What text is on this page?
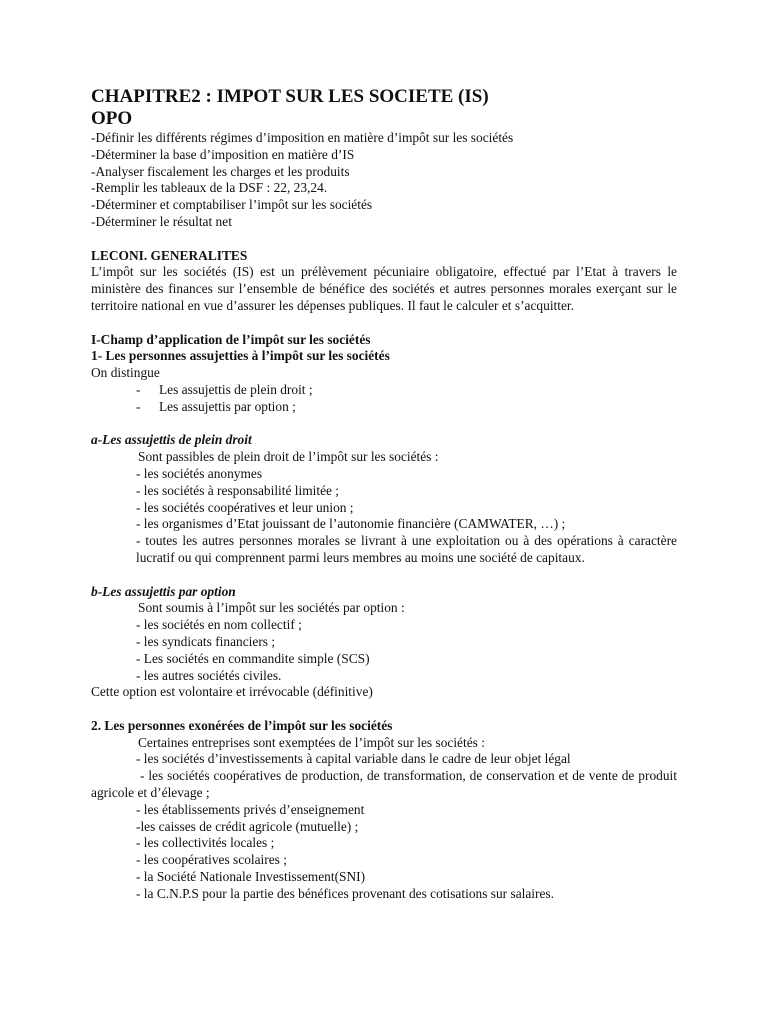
CHAPITRE2 : IMPOT SUR LES SOCIETE (IS)
OPO
-Définir les différents régimes d’imposition en matière d’impôt sur les sociétés
-Déterminer la base d’imposition en matière d’IS
-Analyser fiscalement les charges et les produits
-Remplir les tableaux de la DSF : 22, 23,24.
-Déterminer et comptabiliser l’impôt sur les sociétés
-Déterminer le résultat net
LECONI. GENERALITES
L’impôt sur les sociétés (IS) est un prélèvement pécuniaire obligatoire, effectué par l’Etat à travers le ministère des finances sur l’ensemble de bénéfice des sociétés et autres personnes morales exerçant sur le territoire national en vue d’assurer les dépenses publiques. Il faut le calculer et s’acquitter.
I-Champ d’application de l’impôt sur les sociétés
1- Les personnes assujetties à l’impôt sur les sociétés
On distingue
- Les assujettis de plein droit ;
- Les assujettis par option ;
a-Les assujettis de plein droit
Sont passibles de plein droit de l’impôt sur les sociétés :
- les sociétés anonymes
- les sociétés à responsabilité limitée ;
- les sociétés coopératives et leur union ;
- les organismes d’Etat jouissant de l’autonomie financière (CAMWATER, …) ;
- toutes les autres personnes morales se livrant à une exploitation ou à des opérations à caractère lucratif ou qui comprennent parmi leurs membres au moins une société de capitaux.
b-Les assujettis par option
Sont soumis à l’impôt sur les sociétés par option :
- les sociétés en nom collectif ;
- les syndicats financiers ;
- Les sociétés en commandite simple (SCS)
- les autres sociétés civiles.
Cette option est volontaire et irrévocable (définitive)
2. Les personnes exonérées de l’impôt sur les sociétés
Certaines entreprises sont exemptées de l’impôt sur les sociétés :
- les sociétés d’investissements à capital variable dans le cadre de leur objet légal
- les sociétés coopératives de production, de transformation, de conservation et de vente de produit agricole et d’élevage ;
- les établissements privés d’enseignement
-les caisses de crédit agricole (mutuelle) ;
- les collectivités locales ;
- les coopératives scolaires ;
- la Société Nationale Investissement(SNI)
- la C.N.P.S pour la partie des bénéfices provenant des cotisations sur salaires.
